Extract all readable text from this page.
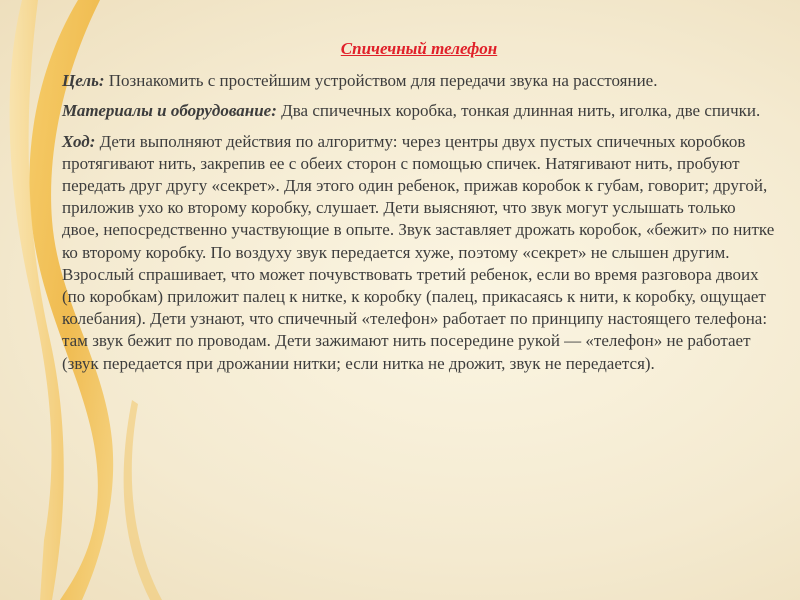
Спичечный телефон
Цель: Познакомить с простейшим устройством для передачи звука на расстояние.
Материалы и оборудование: Два спичечных коробка, тонкая длинная нить, иголка, две спички.
Ход: Дети выполняют действия по алгоритму: через центры двух пустых спичечных коробков протягивают нить, закрепив ее с обеих сторон с помощью спичек. Натягивают нить, пробуют передать друг другу «секрет». Для этого один ребенок, прижав коробок к губам, говорит; другой, приложив ухо ко второму коробку, слушает. Дети выясняют, что звук могут услышать только двое, непосредственно участвующие в опыте. Звук заставляет дрожать коробок, «бежит» по нитке ко второму коробку. По воздуху звук передается хуже, поэтому «секрет» не слышен другим. Взрослый спрашивает, что может почувствовать третий ребенок, если во время разговора двоих (по коробкам) приложит палец к нитке, к коробку (палец, прикасаясь к нити, к коробку, ощущает колебания). Дети узнают, что спичечный «телефон» работает по принципу настоящего телефона: там звук бежит по проводам. Дети зажимают нить посередине рукой — «телефон» не работает (звук передается при дрожании нитки; если нитка не дрожит, звук не передается).
